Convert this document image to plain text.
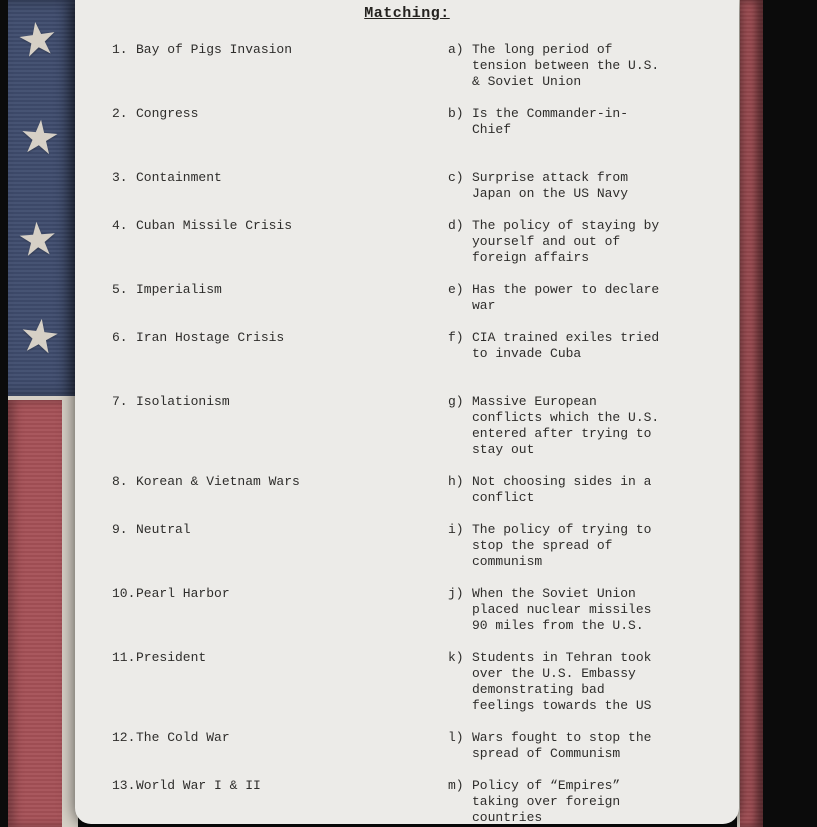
★
★
★
★
Matching:
1. Bay of Pigs Invasion	a) The long period of tension between the U.S. & Soviet Union
2. Congress	b) Is the Commander-in-Chief
3. Containment	c) Surprise attack from Japan on the US Navy
4. Cuban Missile Crisis	d) The policy of staying by yourself and out of foreign affairs
5. Imperialism	e) Has the power to declare war
6. Iran Hostage Crisis	f) CIA trained exiles tried to invade Cuba
7. Isolationism	g) Massive European conflicts which the U.S. entered after trying to stay out
8. Korean & Vietnam Wars	h) Not choosing sides in a conflict
9. Neutral	i) The policy of trying to stop the spread of communism
10. Pearl Harbor	j) When the Soviet Union placed nuclear missiles 90 miles from the U.S.
11. President	k) Students in Tehran took over the U.S. Embassy demonstrating bad feelings towards the US
12. The Cold War	l) Wars fought to stop the spread of Communism
13. World War I & II	m) Policy of “Empires” taking over foreign countries
